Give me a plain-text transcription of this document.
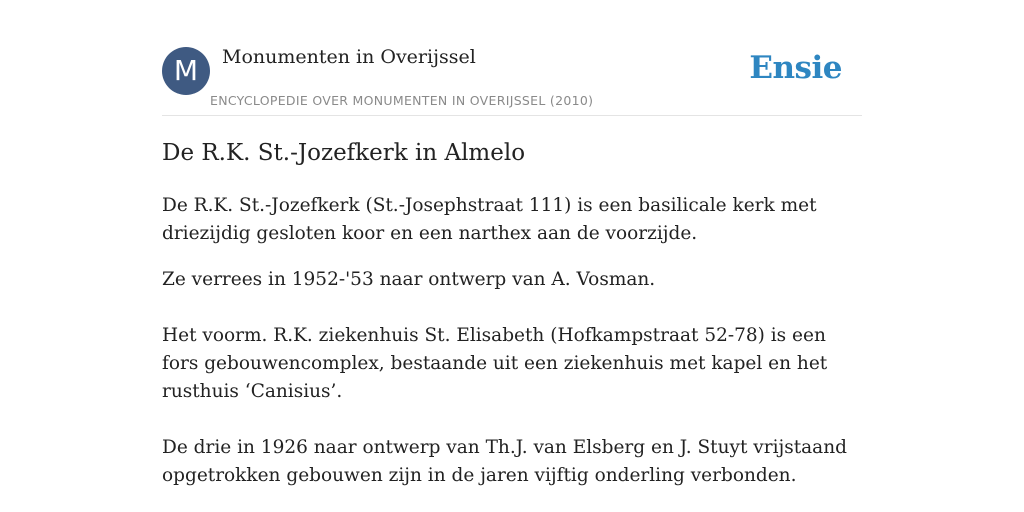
M	Monumenten in Overijssel
ENCYCLOPEDIE OVER MONUMENTEN IN OVERIJSSEL (2010)
Ensie
De R.K. St.-Jozefkerk in Almelo

De R.K. St.-Jozefkerk (St.-Josephstraat 111) is een basilicale kerk met driezijdig gesloten koor en een narthex aan de voorzijde.

Ze verrees in 1952-'53 naar ontwerp van A. Vosman.

Het voorm. R.K. ziekenhuis St. Elisabeth (Hofkampstraat 52-78) is een fors gebouwencomplex, bestaande uit een ziekenhuis met kapel en het rusthuis ‘Canisius’.

De drie in 1926 naar ontwerp van Th.J. van Elsberg en J. Stuyt vrijstaand opgetrokken gebouwen zijn in de jaren vijftig onderling verbonden.
